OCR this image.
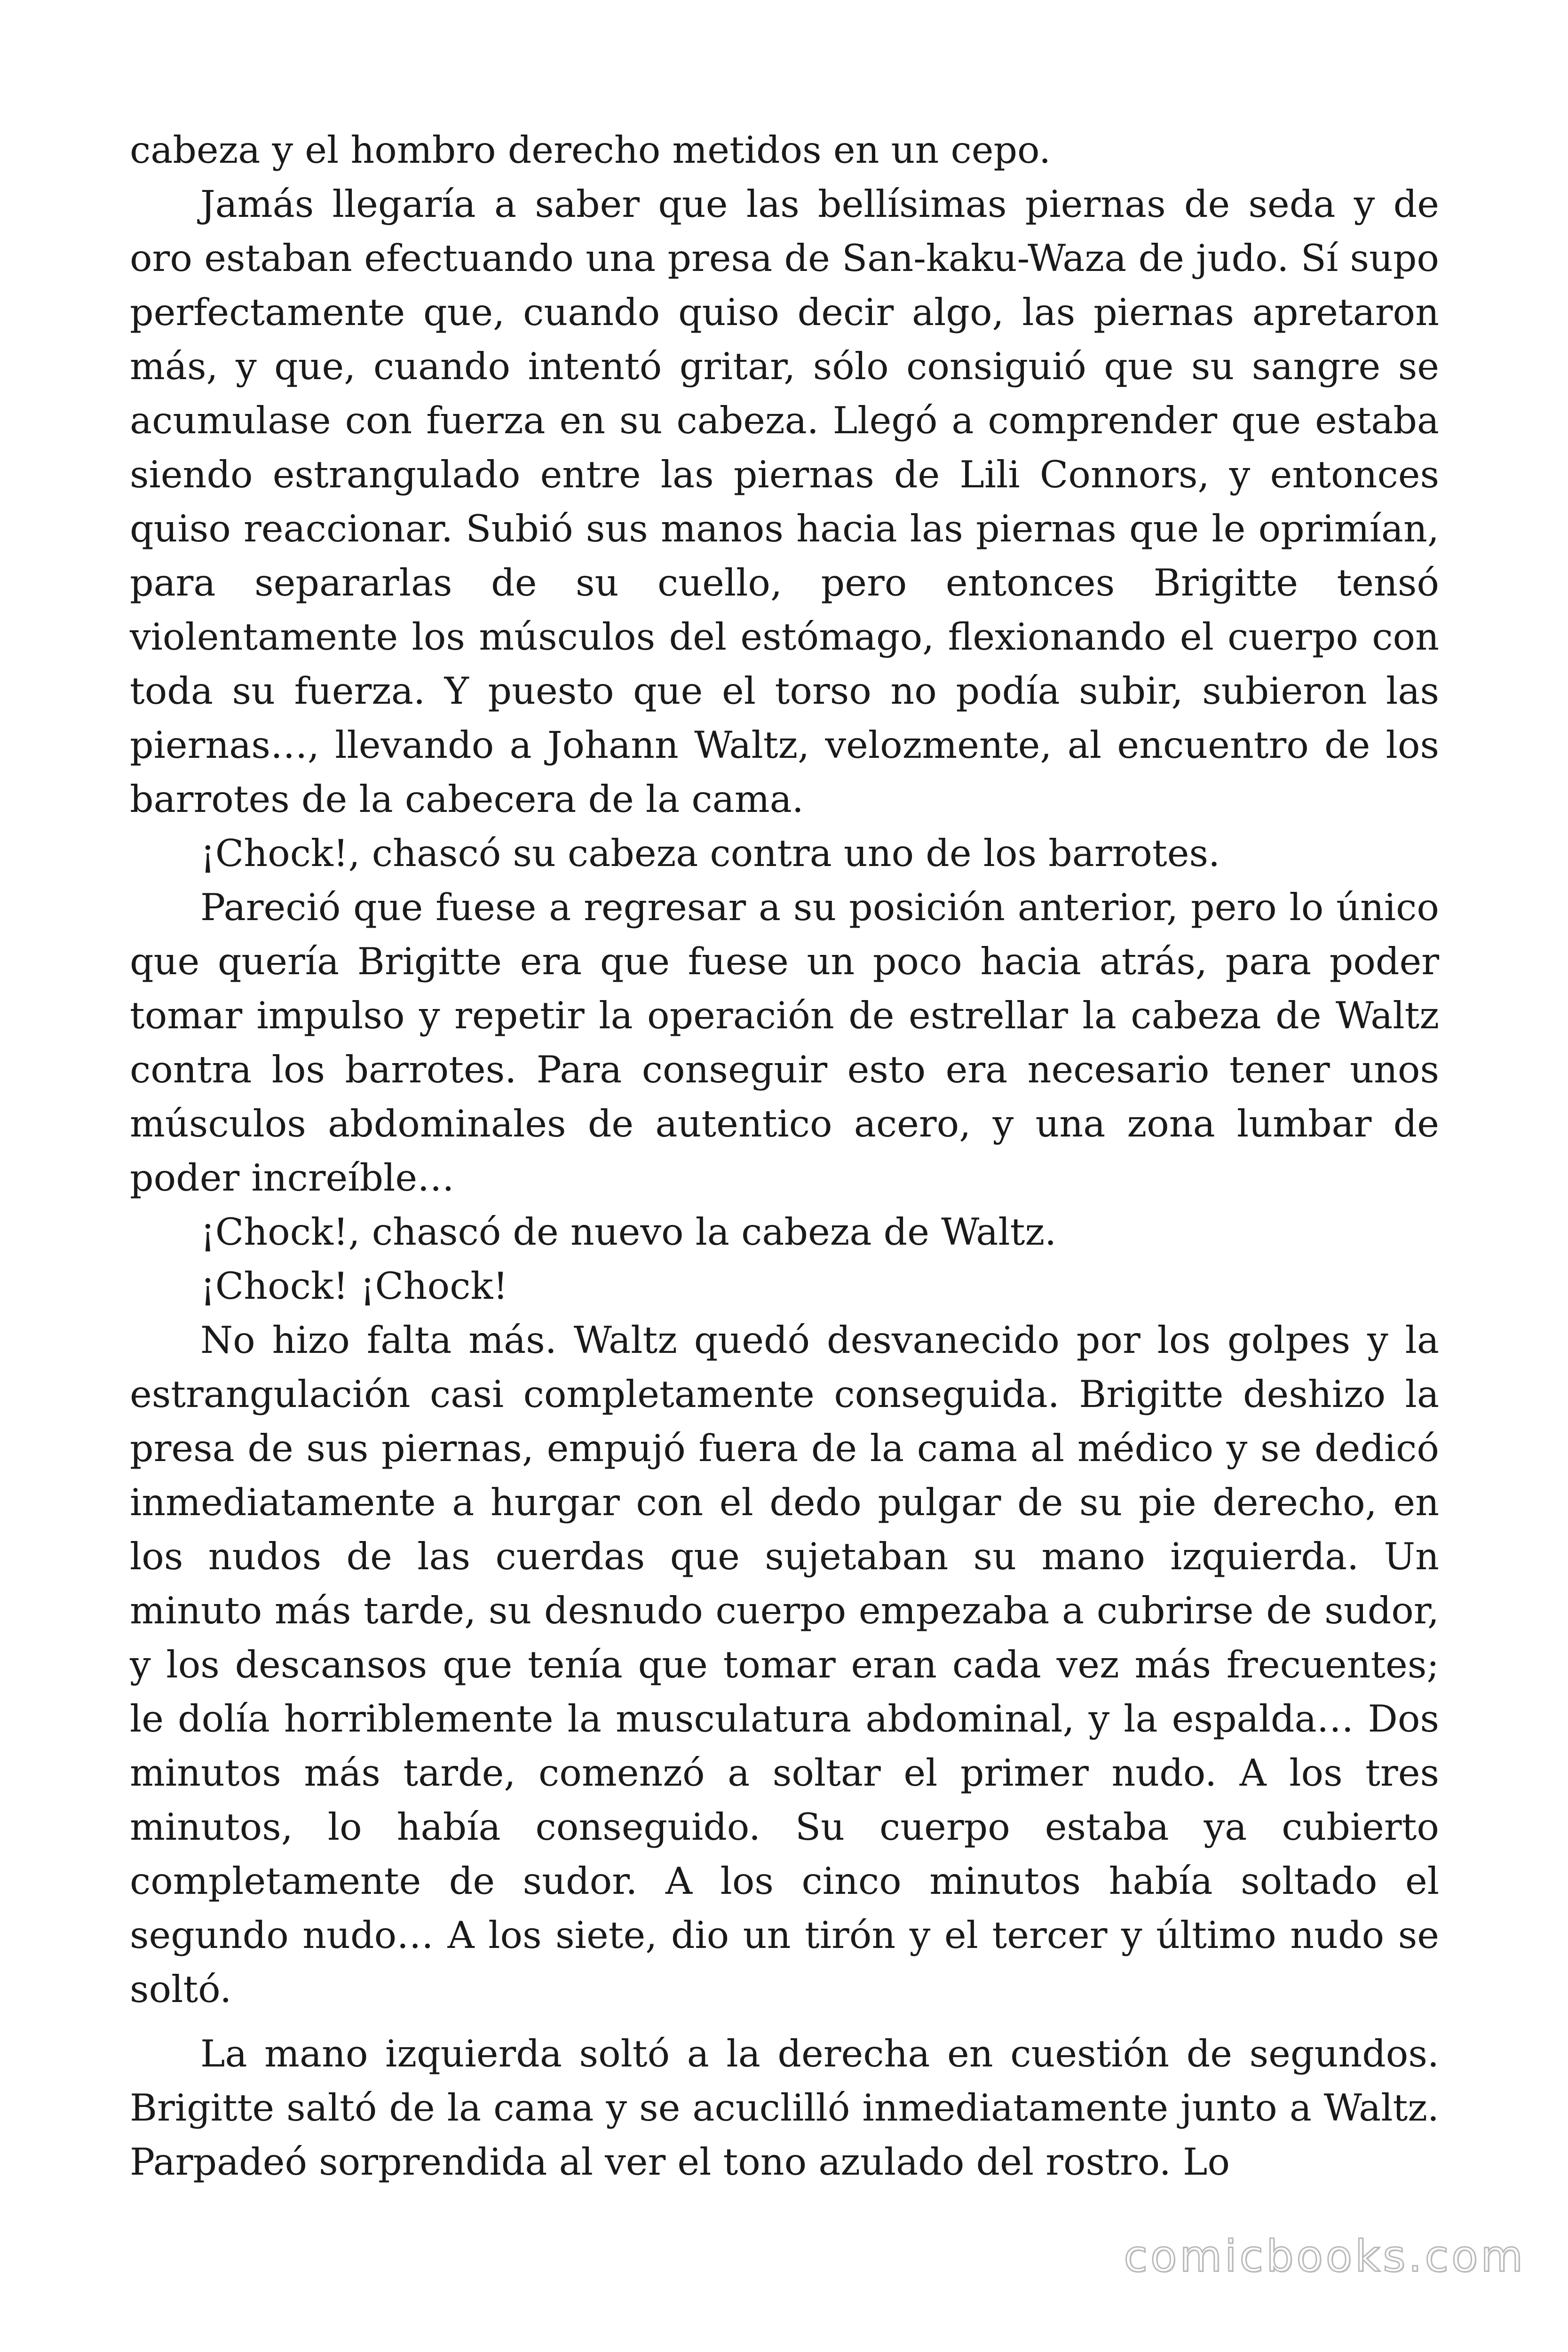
cabeza y el hombro derecho metidos en un cepo.

Jamás llegaría a saber que las bellísimas piernas de seda y de oro estaban efectuando una presa de San-kaku-Waza de judo. Sí supo perfectamente que, cuando quiso decir algo, las piernas apretaron más, y que, cuando intentó gritar, sólo consiguió que su sangre se acumulase con fuerza en su cabeza. Llegó a comprender que estaba siendo estrangulado entre las piernas de Lili Connors, y entonces quiso reaccionar. Subió sus manos hacia las piernas que le oprimían, para separarlas de su cuello, pero entonces Brigitte tensó violentamente los músculos del estómago, flexionando el cuerpo con toda su fuerza. Y puesto que el torso no podía subir, subieron las piernas…, llevando a Johann Waltz, velozmente, al encuentro de los barrotes de la cabecera de la cama.

¡Chock!, chascó su cabeza contra uno de los barrotes.

Pareció que fuese a regresar a su posición anterior, pero lo único que quería Brigitte era que fuese un poco hacia atrás, para poder tomar impulso y repetir la operación de estrellar la cabeza de Waltz contra los barrotes. Para conseguir esto era necesario tener unos músculos abdominales de autentico acero, y una zona lumbar de poder increíble…

¡Chock!, chascó de nuevo la cabeza de Waltz.

¡Chock! ¡Chock!

No hizo falta más. Waltz quedó desvanecido por los golpes y la estrangulación casi completamente conseguida. Brigitte deshizo la presa de sus piernas, empujó fuera de la cama al médico y se dedicó inmediatamente a hurgar con el dedo pulgar de su pie derecho, en los nudos de las cuerdas que sujetaban su mano izquierda. Un minuto más tarde, su desnudo cuerpo empezaba a cubrirse de sudor, y los descansos que tenía que tomar eran cada vez más frecuentes; le dolía horriblemente la musculatura abdominal, y la espalda… Dos minutos más tarde, comenzó a soltar el primer nudo. A los tres minutos, lo había conseguido. Su cuerpo estaba ya cubierto completamente de sudor. A los cinco minutos había soltado el segundo nudo… A los siete, dio un tirón y el tercer y último nudo se soltó.

La mano izquierda soltó a la derecha en cuestión de segundos. Brigitte saltó de la cama y se acuclilló inmediatamente junto a Waltz. Parpadeó sorprendida al ver el tono azulado del rostro. Lo

comicbooks.com
